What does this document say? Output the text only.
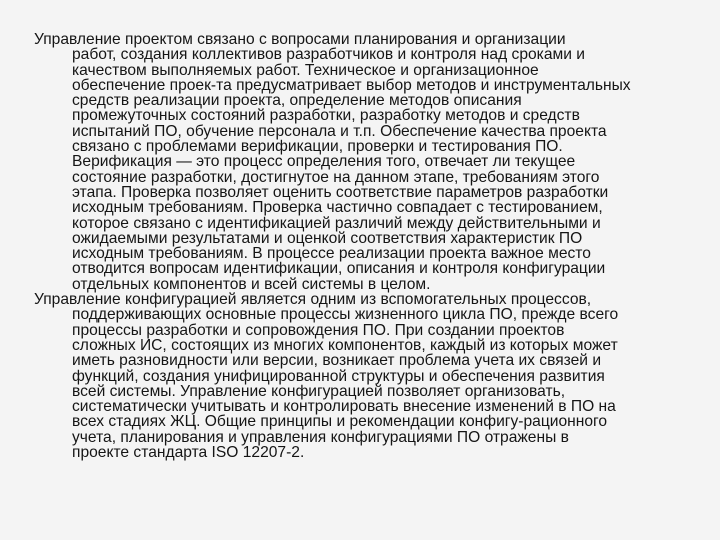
Управление проектом связано с вопросами планирования и организации
работ, создания коллективов разработчиков и контроля над сроками и
качеством выполняемых работ. Техническое и организационное
обеспечение проек-та предусматривает выбор методов и инструментальных
средств реализации проекта, определение методов описания
промежуточных состояний разработки, разработку методов и средств
испытаний ПО, обучение персонала и т.п. Обеспечение качества проекта
связано с проблемами верификации, проверки и тестирования ПО.
Верификация — это процесс определения того, отвечает ли текущее
состояние разработки, достигнутое на данном этапе, требованиям этого
этапа. Проверка позволяет оценить соответствие параметров разработки
исходным требованиям. Проверка частично совпадает с тестированием,
которое связано с идентификацией различий между действительными и
ожидаемыми результатами и оценкой соответствия характеристик ПО
исходным требованиям. В процессе реализации проекта важное место
отводится вопросам идентификации, описания и контроля конфигурации
отдельных компонентов и всей системы в целом.
Управление конфигурацией является одним из вспомогательных процессов,
поддерживающих основные процессы жизненного цикла ПО, прежде всего
процессы разработки и сопровождения ПО. При создании проектов
сложных ИС, состоящих из многих компонентов, каждый из которых может
иметь разновидности или версии, возникает проблема учета их связей и
функций, создания унифицированной структуры и обеспечения развития
всей системы. Управление конфигурацией позволяет организовать,
систематически учитывать и контролировать внесение изменений в ПО на
всех стадиях ЖЦ. Общие принципы и рекомендации конфигу-рационного
учета, планирования и управления конфигурациями ПО отражены в
проекте стандарта ISO 12207-2.
